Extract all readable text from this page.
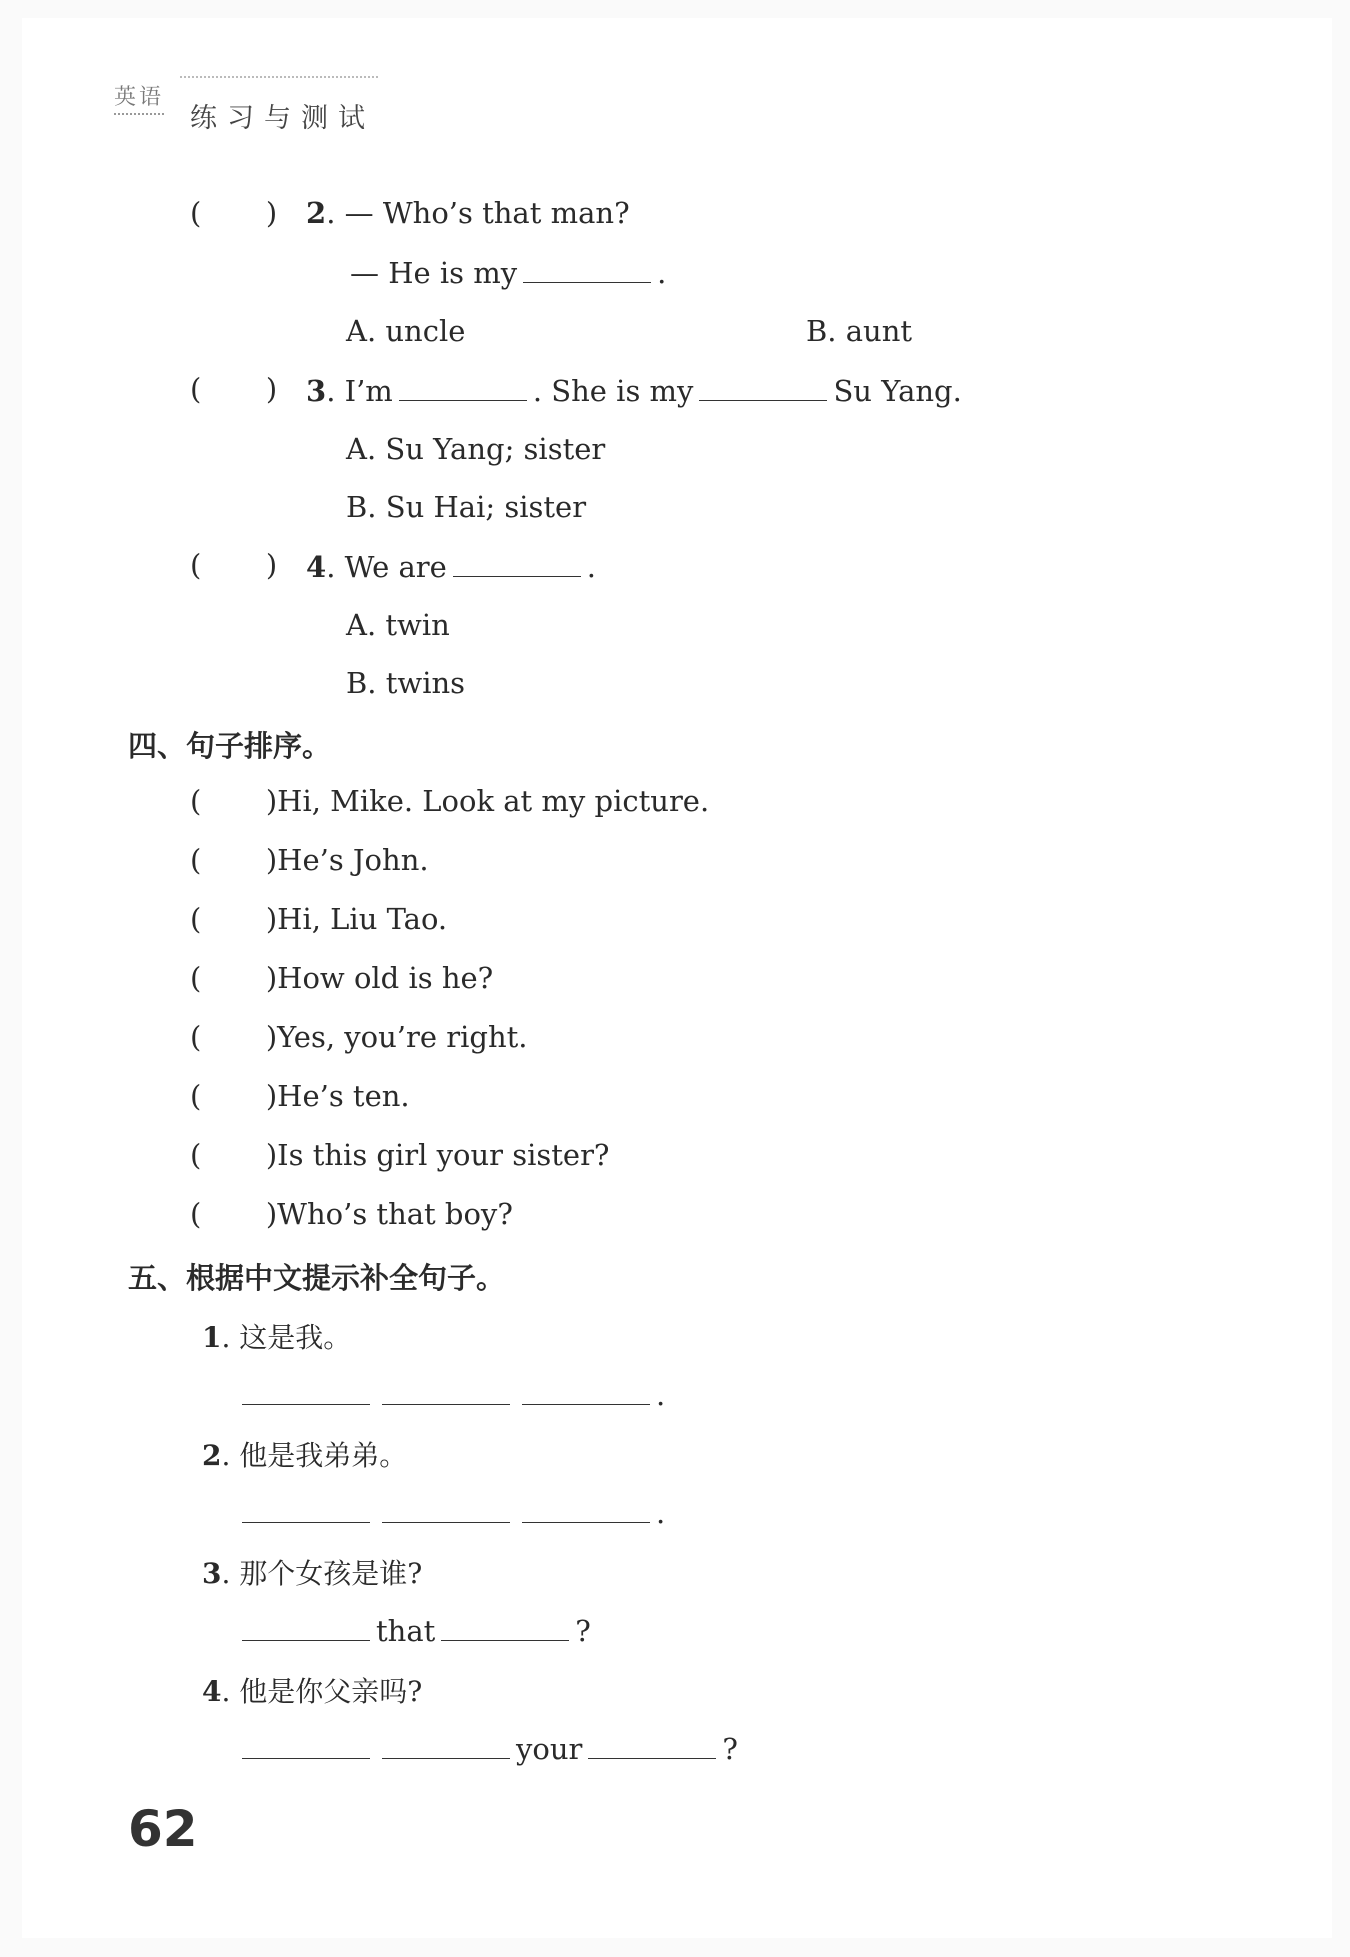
英语
练习与测试
(       ) 2. — Who’s that man?
— He is my	.
A. uncle	B. aunt
(       ) 3. I’m	. She is my	Su Yang.
A. Su Yang; sister
B. Su Hai; sister
(       ) 4. We are	.
A. twin
B. twins
四、句子排序。
(       )Hi, Mike. Look at my picture.
(       )He’s John.
(       )Hi, Liu Tao.
(       )How old is he?
(       )Yes, you’re right.
(       )He’s ten.
(       )Is this girl your sister?
(       )Who’s that boy?
五、根据中文提示补全句子。
1. 这是我。
.
2. 他是我弟弟。
.
3. 那个女孩是谁?
that	?
4. 他是你父亲吗?
your	?
62
